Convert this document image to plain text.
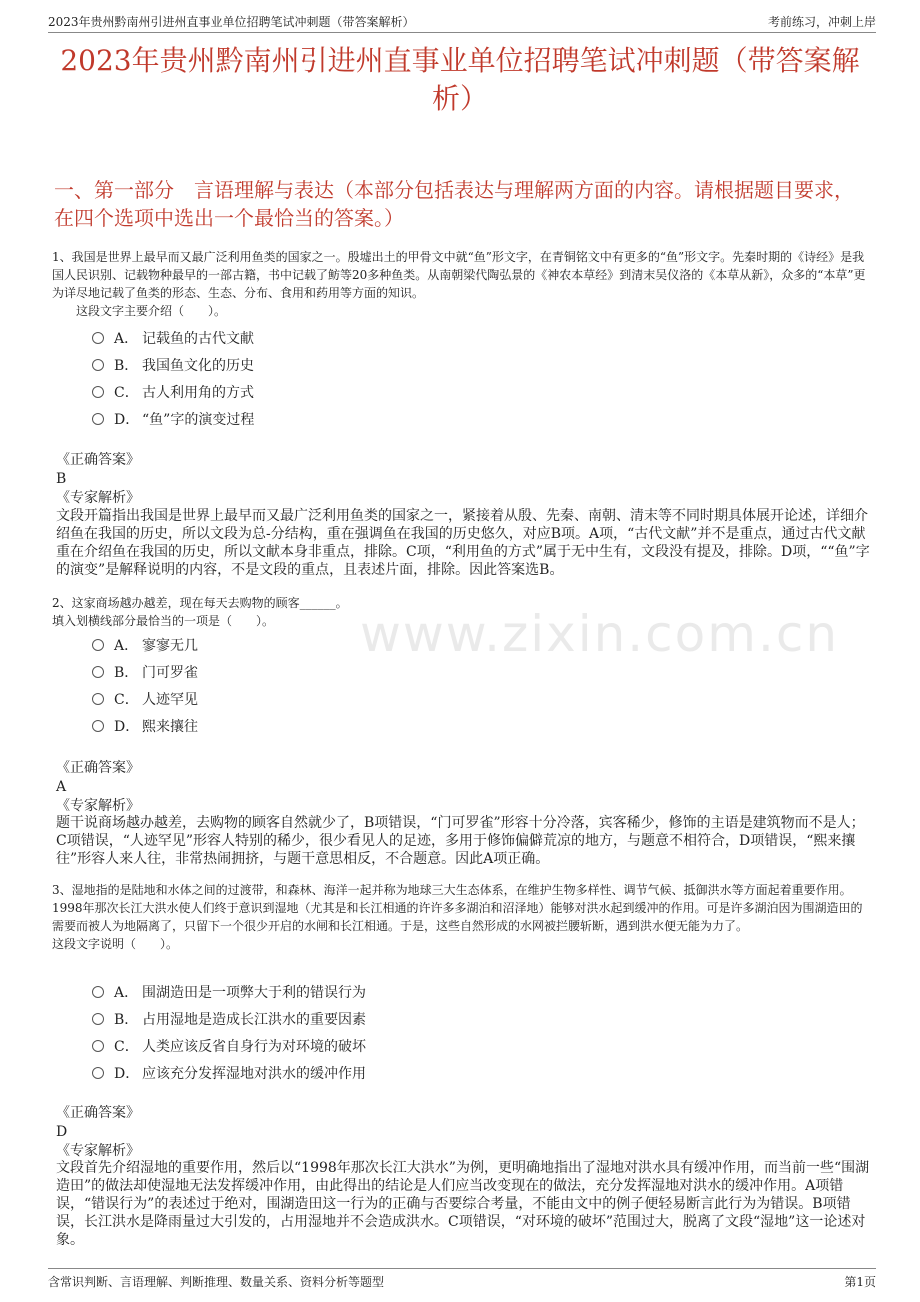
2023年贵州黔南州引进州直事业单位招聘笔试冲刺题（带答案解析）	考前练习，冲刺上岸
2023年贵州黔南州引进州直事业单位招聘笔试冲刺题（带答案解析）
一、第一部分　言语理解与表达（本部分包括表达与理解两方面的内容。请根据题目要求，在四个选项中选出一个最恰当的答案。）
www.zixin.com.cn

1、我国是世界上最早而又最广泛利用鱼类的国家之一。殷墟出土的甲骨文中就“鱼”形文字，在青铜铭文中有更多的“鱼”形文字。先秦时期的《诗经》是我国人民识别、记载物种最早的一部古籍，书中记载了鲂等20多种鱼类。从南朝梁代陶弘景的《神农本草经》到清末吴仪洛的《本草从新》，众多的“本草”更为详尽地记载了鱼类的形态、生态、分布、食用和药用等方面的知识。

　　这段文字主要介绍（　　）。

A． 记载鱼的古代文献
B． 我国鱼文化的历史
C． 古人利用角的方式
D． “鱼”字的演变过程

《正确答案》

B

《专家解析》

文段开篇指出我国是世界上最早而又最广泛利用鱼类的国家之一，紧接着从殷、先秦、南朝、清末等不同时期具体展开论述，详细介绍鱼在我国的历史，所以文段为总-分结构，重在强调鱼在我国的历史悠久，对应B项。A项，“古代文献”并不是重点，通过古代文献重在介绍鱼在我国的历史，所以文献本身非重点，排除。C项，“利用鱼的方式”属于无中生有，文段没有提及，排除。D项，““鱼”字的演变”是解释说明的内容，不是文段的重点，且表述片面，排除。因此答案选B。

2、这家商场越办越差，现在每天去购物的顾客______。

填入划横线部分最恰当的一项是（　　）。

A． 寥寥无几
B． 门可罗雀
C． 人迹罕见
D． 熙来攘往

《正确答案》

A

《专家解析》

题干说商场越办越差，去购物的顾客自然就少了，B项错误，“门可罗雀”形容十分冷落，宾客稀少，修饰的主语是建筑物而不是人；C项错误，“人迹罕见”形容人特别的稀少，很少看见人的足迹，多用于修饰偏僻荒凉的地方，与题意不相符合，D项错误，“熙来攘往”形容人来人往，非常热闹拥挤，与题干意思相反，不合题意。因此A项正确。

3、湿地指的是陆地和水体之间的过渡带，和森林、海洋一起并称为地球三大生态体系，在维护生物多样性、调节气候、抵御洪水等方面起着重要作用。1998年那次长江大洪水使人们终于意识到湿地（尤其是和长江相通的许许多多湖泊和沼泽地）能够对洪水起到缓冲的作用。可是许多湖泊因为围湖造田的需要而被人为地隔离了，只留下一个很少开启的水闸和长江相通。于是，这些自然形成的水网被拦腰斩断，遇到洪水便无能为力了。

这段文字说明（　　）。

A． 围湖造田是一项弊大于利的错误行为
B． 占用湿地是造成长江洪水的重要因素
C． 人类应该反省自身行为对环境的破坏
D． 应该充分发挥湿地对洪水的缓冲作用

《正确答案》

D

《专家解析》

文段首先介绍湿地的重要作用，然后以“1998年那次长江大洪水”为例，更明确地指出了湿地对洪水具有缓冲作用，而当前一些“围湖造田”的做法却使湿地无法发挥缓冲作用，由此得出的结论是人们应当改变现在的做法，充分发挥湿地对洪水的缓冲作用。A项错误，“错误行为”的表述过于绝对，围湖造田这一行为的正确与否要综合考量，不能由文中的例子便轻易断言此行为为错误。B项错误，长江洪水是降雨量过大引发的，占用湿地并不会造成洪水。C项错误，“对环境的破坏”范围过大，脱离了文段“湿地”这一论述对象。
含常识判断、言语理解、判断推理、数量关系、资料分析等题型	第1页
